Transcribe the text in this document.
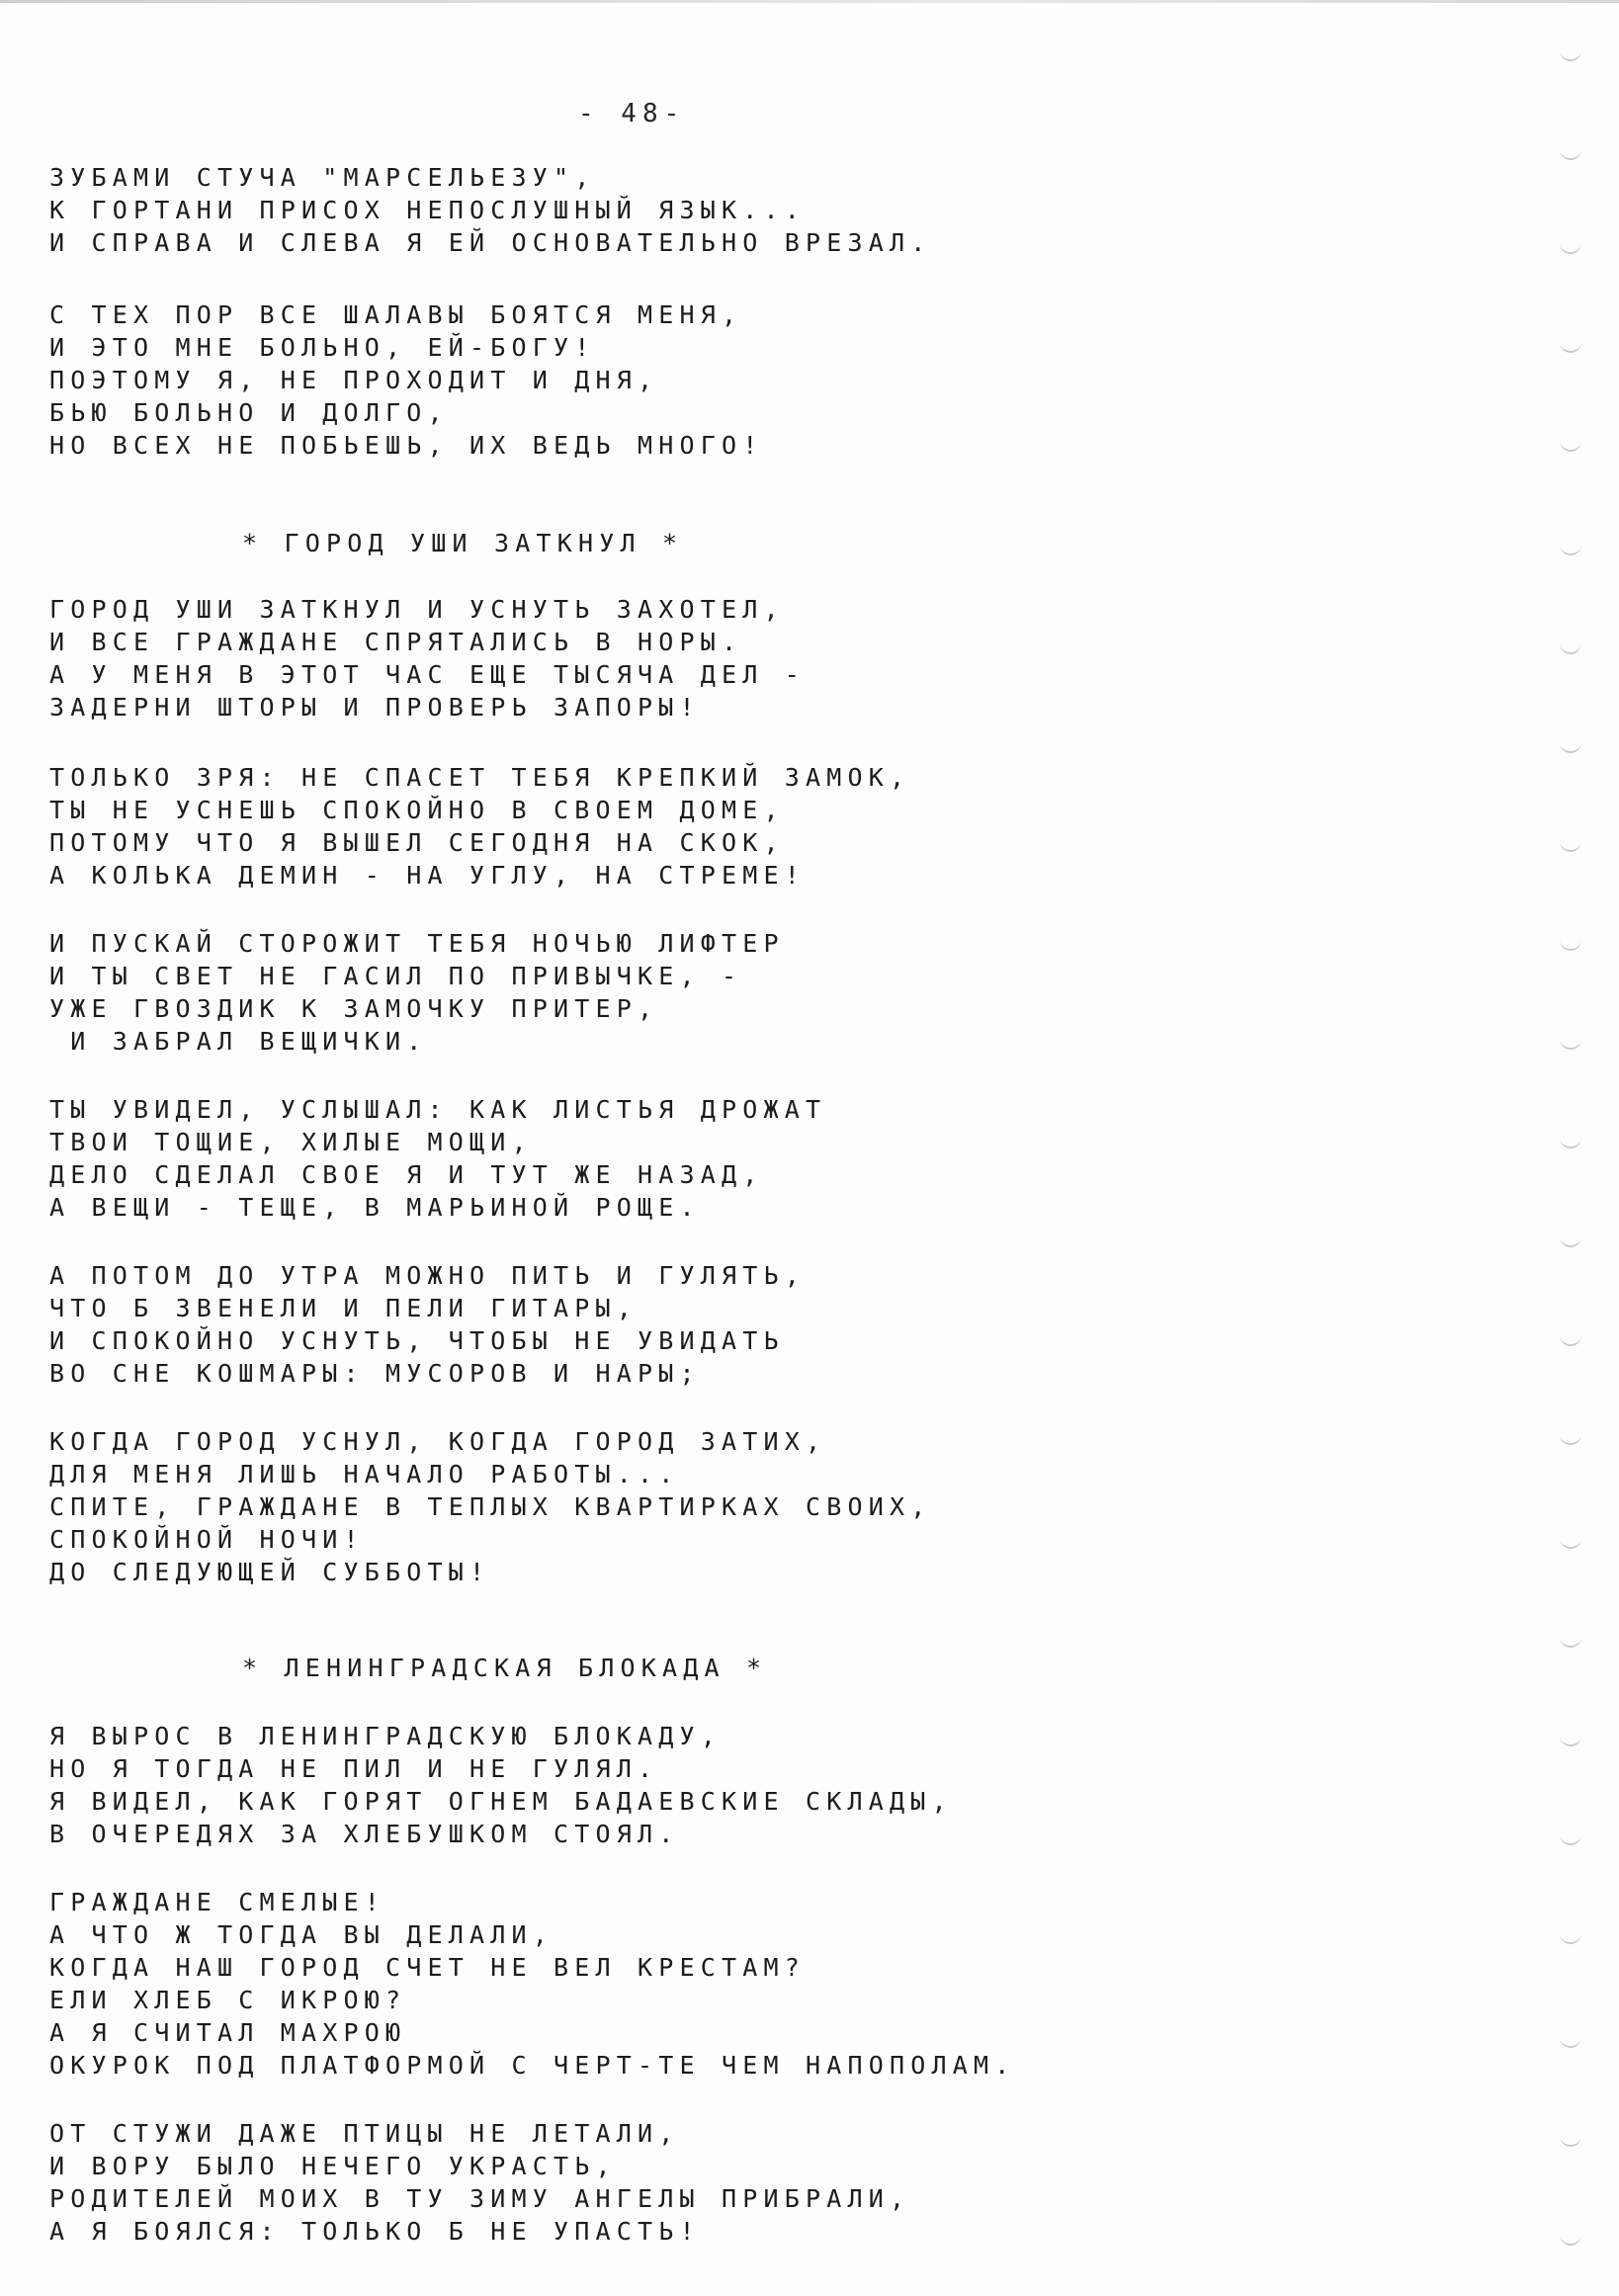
- 48-
ЗУБАМИ СТУЧА "МАРСЕЛЬЕЗУ",
К ГОРТАНИ ПРИСОХ НЕПОСЛУШНЫЙ ЯЗЫК...
И СПРАВА И СЛЕВА Я ЕЙ ОСНОВАТЕЛЬНО ВРЕЗАЛ.
С ТЕХ ПОР ВСЕ ШАЛАВЫ БОЯТСЯ МЕНЯ,
И ЭТО МНЕ БОЛЬНО, ЕЙ-БОГУ!
ПОЭТОМУ Я, НЕ ПРОХОДИТ И ДНЯ,
БЬЮ БОЛЬНО И ДОЛГО,
НО ВСЕХ НЕ ПОБЬЕШЬ, ИХ ВЕДЬ МНОГО!
* ГОРОД УШИ ЗАТКНУЛ *
ГОРОД УШИ ЗАТКНУЛ И УСНУТЬ ЗАХОТЕЛ,
И ВСЕ ГРАЖДАНЕ СПРЯТАЛИСЬ В НОРЫ.
А У МЕНЯ В ЭТОТ ЧАС ЕЩЕ ТЫСЯЧА ДЕЛ -
ЗАДЕРНИ ШТОРЫ И ПРОВЕРЬ ЗАПОРЫ!
ТОЛЬКО ЗРЯ: НЕ СПАСЕТ ТЕБЯ КРЕПКИЙ ЗАМОК,
ТЫ НЕ УСНЕШЬ СПОКОЙНО В СВОЕМ ДОМЕ,
ПОТОМУ ЧТО Я ВЫШЕЛ СЕГОДНЯ НА СКОК,
А КОЛЬКА ДЕМИН - НА УГЛУ, НА СТРЕМЕ!
И ПУСКАЙ СТОРОЖИТ ТЕБЯ НОЧЬЮ ЛИФТЕР
И ТЫ СВЕТ НЕ ГАСИЛ ПО ПРИВЫЧКЕ, -
УЖЕ ГВОЗДИК К ЗАМОЧКУ ПРИТЕР,
И ЗАБРАЛ ВЕЩИЧКИ.
ТЫ УВИДЕЛ, УСЛЫШАЛ: КАК ЛИСТЬЯ ДРОЖАТ
ТВОИ ТОЩИЕ, ХИЛЫЕ МОЩИ,
ДЕЛО СДЕЛАЛ СВОЕ Я И ТУТ ЖЕ НАЗАД,
А ВЕЩИ - ТЕЩЕ, В МАРЬИНОЙ РОЩЕ.
А ПОТОМ ДО УТРА МОЖНО ПИТЬ И ГУЛЯТЬ,
ЧТО Б ЗВЕНЕЛИ И ПЕЛИ ГИТАРЫ,
И СПОКОЙНО УСНУТЬ, ЧТОБЫ НЕ УВИДАТЬ
ВО СНЕ КОШМАРЫ: МУСОРОВ И НАРЫ;
КОГДА ГОРОД УСНУЛ, КОГДА ГОРОД ЗАТИХ,
ДЛЯ МЕНЯ ЛИШЬ НАЧАЛО РАБОТЫ...
СПИТЕ, ГРАЖДАНЕ В ТЕПЛЫХ КВАРТИРКАХ СВОИХ,
СПОКОЙНОЙ НОЧИ!
ДО СЛЕДУЮЩЕЙ СУББОТЫ!
* ЛЕНИНГРАДСКАЯ БЛОКАДА *
Я ВЫРОС В ЛЕНИНГРАДСКУЮ БЛОКАДУ,
НО Я ТОГДА НЕ ПИЛ И НЕ ГУЛЯЛ.
Я ВИДЕЛ, КАК ГОРЯТ ОГНЕМ БАДАЕВСКИЕ СКЛАДЫ,
В ОЧЕРЕДЯХ ЗА ХЛЕБУШКОМ СТОЯЛ.
ГРАЖДАНЕ СМЕЛЫЕ!
А ЧТО Ж ТОГДА ВЫ ДЕЛАЛИ,
КОГДА НАШ ГОРОД СЧЕТ НЕ ВЕЛ КРЕСТАМ?
ЕЛИ ХЛЕБ С ИКРОЮ?
А Я СЧИТАЛ МАХРОЮ
ОКУРОК ПОД ПЛАТФОРМОЙ С ЧЕРТ-ТЕ ЧЕМ НАПОПОЛАМ.
ОТ СТУЖИ ДАЖЕ ПТИЦЫ НЕ ЛЕТАЛИ,
И ВОРУ БЫЛО НЕЧЕГО УКРАСТЬ,
РОДИТЕЛЕЙ МОИХ В ТУ ЗИМУ АНГЕЛЫ ПРИБРАЛИ,
А Я БОЯЛСЯ: ТОЛЬКО Б НЕ УПАСТЬ!
